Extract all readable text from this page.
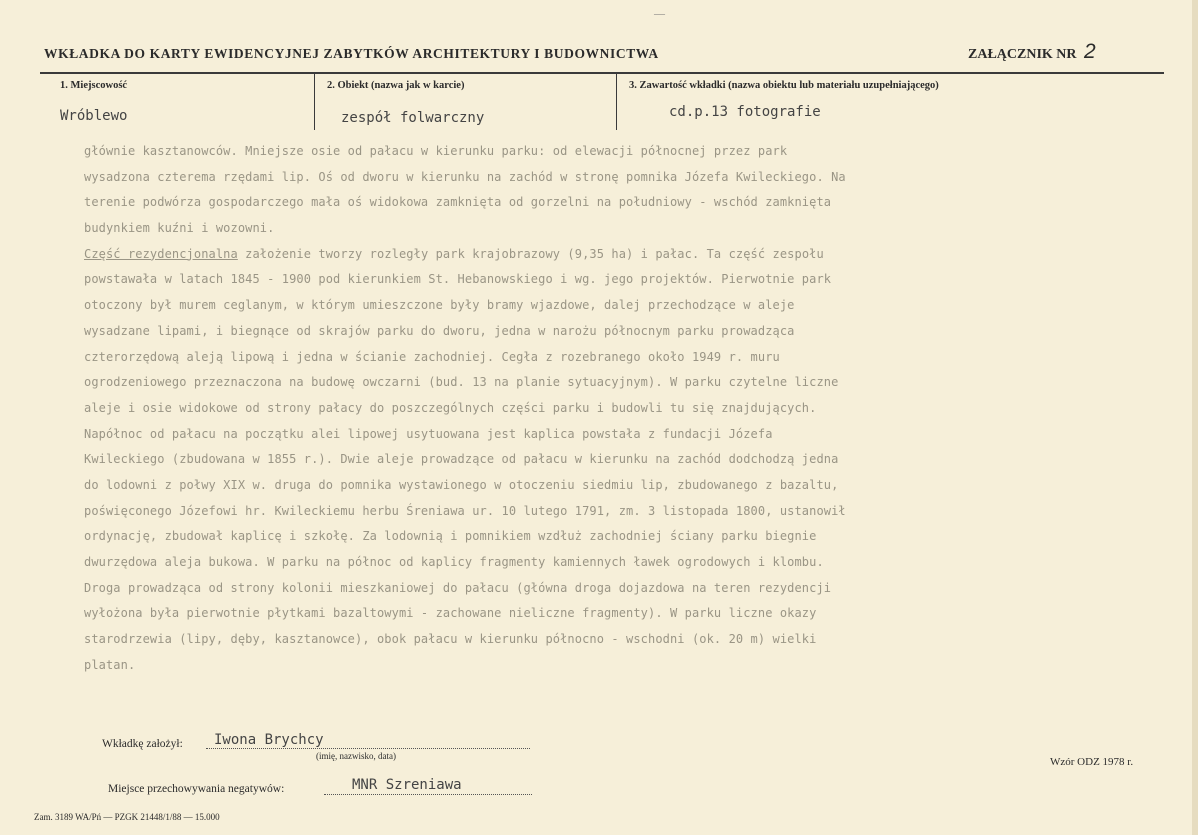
WKŁADKA DO KARTY EWIDENCYJNEJ ZABYTKÓW ARCHITEKTURY I BUDOWNICTWA	ZAŁĄCZNIK NR 2
1. Miejscowość
Wróblewo
2. Obiekt (nazwa jak w karcie)
zespół folwarczny
3. Zawartość wkładki (nazwa obiektu lub materiału uzupełniającego)
cd.p.13 fotografie
głównie kasztanowców. Mniejsze osie od pałacu w kierunku parku: od elewacji północnej przez park
wysadzona czterema rzędami lip. Oś od dworu w kierunku na zachód w stronę pomnika Józefa Kwileckiego. Na
terenie podwórza gospodarczego mała oś widokowa zamknięta od gorzelni na południowy - wschód zamknięta
budynkiem kuźni i wozowni.
Część rezydencjonalna założenie tworzy rozległy park krajobrazowy (9,35 ha) i pałac. Ta część zespołu
powstawała w latach 1845 - 1900 pod kierunkiem St. Hebanowskiego i wg. jego projektów. Pierwotnie park
otoczony był murem ceglanym, w którym umieszczone były bramy wjazdowe, dalej przechodzące w aleje
wysadzane lipami, i biegnące od skrajów parku do dworu, jedna w narożu północnym parku prowadząca
czterorzędową aleją lipową i jedna w ścianie zachodniej. Cegła z rozebranego około 1949 r. muru
ogrodzeniowego przeznaczona na budowę owczarni (bud. 13 na planie sytuacyjnym). W parku czytelne liczne
aleje i osie widokowe od strony pałacy do poszczególnych części parku i budowli tu się znajdujących.
Napółnoc od pałacu na początku alei lipowej usytuowana jest kaplica powstała z fundacji Józefa
Kwileckiego (zbudowana w 1855 r.). Dwie aleje prowadzące od pałacu w kierunku na zachód dodchodzą jedna
do lodowni z połwy XIX w. druga do pomnika wystawionego w otoczeniu siedmiu lip, zbudowanego z bazaltu,
poświęconego Józefowi hr. Kwileckiemu herbu Śreniawa ur. 10 lutego 1791, zm. 3 listopada 1800, ustanowił
ordynację, zbudował kaplicę i szkołę. Za lodownią i pomnikiem wzdłuż zachodniej ściany parku biegnie
dwurzędowa aleja bukowa. W parku na północ od kaplicy fragmenty kamiennych ławek ogrodowych i klombu.
Droga prowadząca od strony kolonii mieszkaniowej do pałacu (główna droga dojazdowa na teren rezydencji
wyłożona była pierwotnie płytkami bazaltowymi - zachowane nieliczne fragmenty). W parku liczne okazy
starodrzewia (lipy, dęby, kasztanowce), obok pałacu w kierunku północno - wschodni (ok. 20 m) wielki
platan.
Wkładkę założył: Iwona Brychcy
(imię, nazwisko, data)
Miejsce przechowywania negatywów:	MNR Szreniawa
Wzór ODZ 1978 r.
Zam. 3189 WA/Pń — PZGK 21448/1/88 — 15.000
—
